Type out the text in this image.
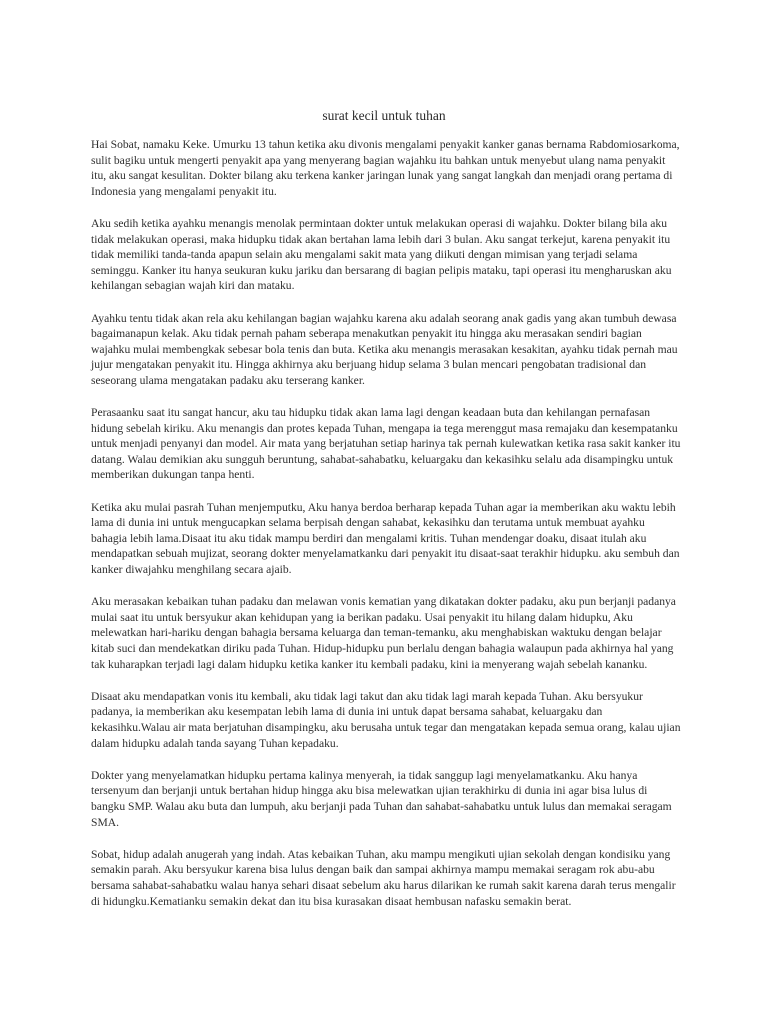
surat kecil untuk tuhan

Hai Sobat, namaku Keke. Umurku 13 tahun ketika aku divonis mengalami penyakit kanker ganas bernama Rabdomiosarkoma, sulit bagiku untuk mengerti penyakit apa yang menyerang bagian wajahku itu bahkan untuk menyebut ulang nama penyakit itu, aku sangat kesulitan. Dokter bilang aku terkena kanker jaringan lunak yang sangat langkah dan menjadi orang pertama di Indonesia yang mengalami penyakit itu.

Aku sedih ketika ayahku menangis menolak permintaan dokter untuk melakukan operasi di wajahku. Dokter bilang bila aku tidak melakukan operasi, maka hidupku tidak akan bertahan lama lebih dari 3 bulan. Aku sangat terkejut, karena penyakit itu tidak memiliki tanda-tanda apapun selain aku mengalami sakit mata yang diikuti dengan mimisan yang terjadi selama seminggu. Kanker itu hanya seukuran kuku jariku dan bersarang di bagian pelipis mataku, tapi operasi itu mengharuskan aku kehilangan sebagian wajah kiri dan mataku.

Ayahku tentu tidak akan rela aku kehilangan bagian wajahku karena aku adalah seorang anak gadis yang akan tumbuh dewasa bagaimanapun kelak. Aku tidak pernah paham seberapa menakutkan penyakit itu hingga aku merasakan sendiri bagian wajahku mulai membengkak sebesar bola tenis dan buta. Ketika aku menangis merasakan kesakitan, ayahku tidak pernah mau jujur mengatakan penyakit itu. Hingga akhirnya aku berjuang hidup selama 3 bulan mencari pengobatan tradisional dan seseorang ulama mengatakan padaku aku terserang kanker.

Perasaanku saat itu sangat hancur, aku tau hidupku tidak akan lama lagi dengan keadaan buta dan kehilangan pernafasan hidung sebelah kiriku. Aku menangis dan protes kepada Tuhan, mengapa ia tega merenggut masa remajaku dan kesempatanku untuk menjadi penyanyi dan model. Air mata yang berjatuhan setiap harinya tak pernah kulewatkan ketika rasa sakit kanker itu datang. Walau demikian aku sungguh beruntung, sahabat-sahabatku, keluargaku dan kekasihku selalu ada disampingku untuk memberikan dukungan tanpa henti.

Ketika aku mulai pasrah Tuhan menjemputku, Aku hanya berdoa berharap kepada Tuhan agar ia memberikan aku waktu lebih lama di dunia ini untuk mengucapkan selama berpisah dengan sahabat, kekasihku dan terutama untuk membuat ayahku bahagia lebih lama.Disaat itu aku tidak mampu berdiri dan mengalami kritis. Tuhan mendengar doaku, disaat itulah aku mendapatkan sebuah mujizat, seorang dokter menyelamatkanku dari penyakit itu disaat-saat terakhir hidupku. aku sembuh dan kanker diwajahku menghilang secara ajaib.

Aku merasakan kebaikan tuhan padaku dan melawan vonis kematian yang dikatakan dokter padaku, aku pun berjanji padanya mulai saat itu untuk bersyukur akan kehidupan yang ia berikan padaku. Usai penyakit itu hilang dalam hidupku, Aku melewatkan hari-hariku dengan bahagia bersama keluarga dan teman-temanku, aku menghabiskan waktuku dengan belajar kitab suci dan mendekatkan diriku pada Tuhan. Hidup-hidupku pun berlalu dengan bahagia walaupun pada akhirnya hal yang tak kuharapkan terjadi lagi dalam hidupku ketika kanker itu kembali padaku, kini ia menyerang wajah sebelah kananku.

Disaat aku mendapatkan vonis itu kembali, aku tidak lagi takut dan aku tidak lagi marah kepada Tuhan. Aku bersyukur padanya, ia memberikan aku kesempatan lebih lama di dunia ini untuk dapat bersama sahabat, keluargaku dan kekasihku.Walau air mata berjatuhan disampingku, aku berusaha untuk tegar dan mengatakan kepada semua orang, kalau ujian dalam hidupku adalah tanda sayang Tuhan kepadaku.

Dokter yang menyelamatkan hidupku pertama kalinya menyerah, ia tidak sanggup lagi menyelamatkanku. Aku hanya tersenyum dan berjanji untuk bertahan hidup hingga aku bisa melewatkan ujian terakhirku di dunia ini agar bisa lulus di bangku SMP. Walau aku buta dan lumpuh, aku berjanji pada Tuhan dan sahabat-sahabatku untuk lulus dan memakai seragam SMA.

Sobat, hidup adalah anugerah yang indah. Atas kebaikan Tuhan, aku mampu mengikuti ujian sekolah dengan kondisiku yang semakin parah. Aku bersyukur karena bisa lulus dengan baik dan sampai akhirnya mampu memakai seragam rok abu-abu bersama sahabat-sahabatku walau hanya sehari disaat sebelum aku harus dilarikan ke rumah sakit karena darah terus mengalir di hidungku.Kematianku semakin dekat dan itu bisa kurasakan disaat hembusan nafasku semakin berat.
